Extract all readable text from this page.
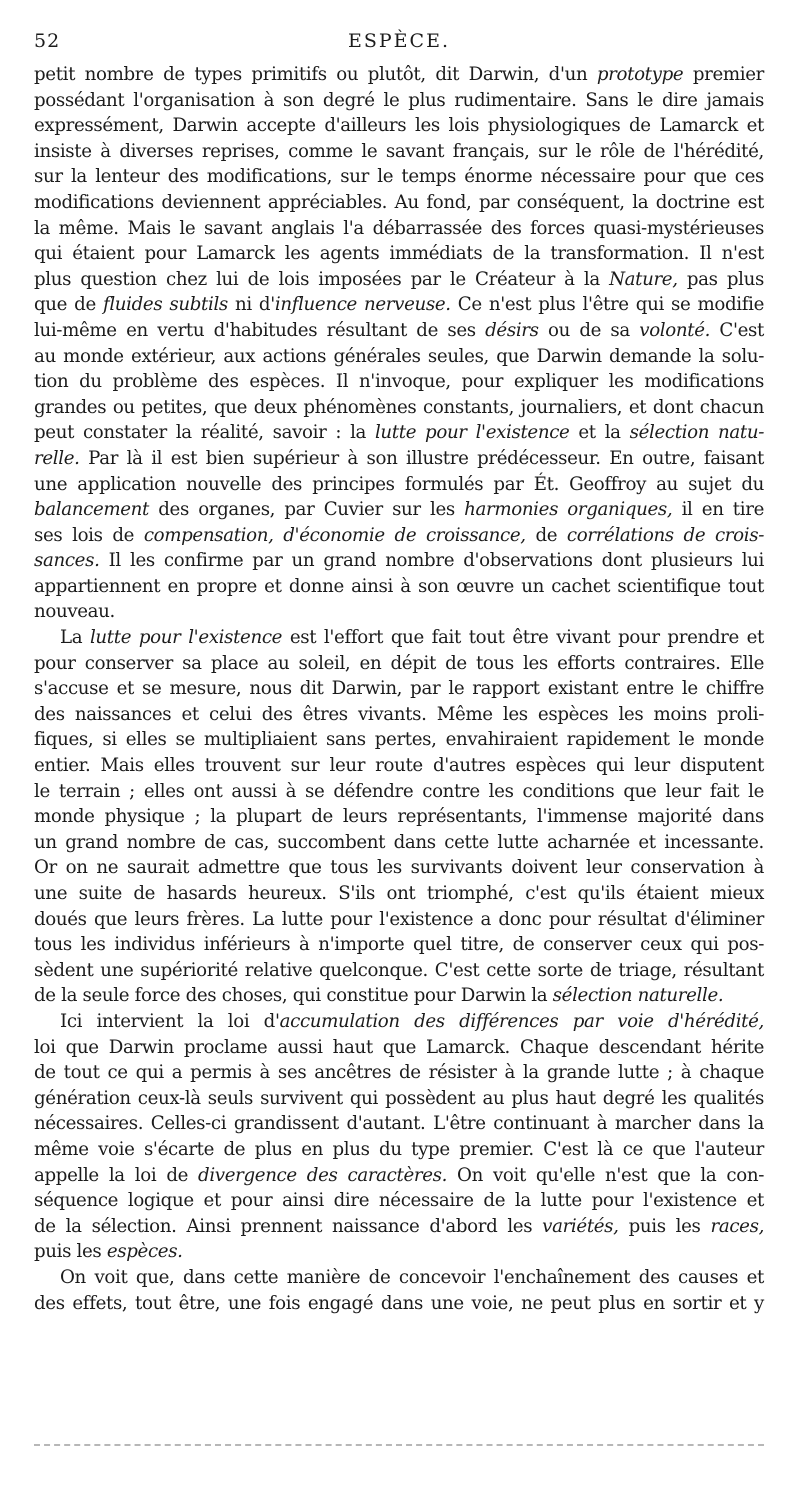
52	ESPÈCE.
petit nombre de types primitifs ou plutôt, dit Darwin, d'un prototype premier
possédant l'organisation à son degré le plus rudimentaire. Sans le dire jamais
expressément, Darwin accepte d'ailleurs les lois physiologiques de Lamarck et
insiste à diverses reprises, comme le savant français, sur le rôle de l'hérédité,
sur la lenteur des modifications, sur le temps énorme nécessaire pour que ces
modifications deviennent appréciables. Au fond, par conséquent, la doctrine est
la même. Mais le savant anglais l'a débarrassée des forces quasi-mystérieuses
qui étaient pour Lamarck les agents immédiats de la transformation. Il n'est
plus question chez lui de lois imposées par le Créateur à la Nature, pas plus
que de fluides subtils ni d'influence nerveuse. Ce n'est plus l'être qui se modifie
lui-même en vertu d'habitudes résultant de ses désirs ou de sa volonté. C'est
au monde extérieur, aux actions générales seules, que Darwin demande la solu-
tion du problème des espèces. Il n'invoque, pour expliquer les modifications
grandes ou petites, que deux phénomènes constants, journaliers, et dont chacun
peut constater la réalité, savoir : la lutte pour l'existence et la sélection natu-
relle. Par là il est bien supérieur à son illustre prédécesseur. En outre, faisant
une application nouvelle des principes formulés par Ét. Geoffroy au sujet du
balancement des organes, par Cuvier sur les harmonies organiques, il en tire
ses lois de compensation, d'économie de croissance, de corrélations de crois-
sances. Il les confirme par un grand nombre d'observations dont plusieurs lui
appartiennent en propre et donne ainsi à son œuvre un cachet scientifique tout
nouveau.
La lutte pour l'existence est l'effort que fait tout être vivant pour prendre et
pour conserver sa place au soleil, en dépit de tous les efforts contraires. Elle
s'accuse et se mesure, nous dit Darwin, par le rapport existant entre le chiffre
des naissances et celui des êtres vivants. Même les espèces les moins proli-
fiques, si elles se multipliaient sans pertes, envahiraient rapidement le monde
entier. Mais elles trouvent sur leur route d'autres espèces qui leur disputent
le terrain ; elles ont aussi à se défendre contre les conditions que leur fait le
monde physique ; la plupart de leurs représentants, l'immense majorité dans
un grand nombre de cas, succombent dans cette lutte acharnée et incessante.
Or on ne saurait admettre que tous les survivants doivent leur conservation à
une suite de hasards heureux. S'ils ont triomphé, c'est qu'ils étaient mieux
doués que leurs frères. La lutte pour l'existence a donc pour résultat d'éliminer
tous les individus inférieurs à n'importe quel titre, de conserver ceux qui pos-
sèdent une supériorité relative quelconque. C'est cette sorte de triage, résultant
de la seule force des choses, qui constitue pour Darwin la sélection naturelle.
Ici intervient la loi d'accumulation des différences par voie d'hérédité,
loi que Darwin proclame aussi haut que Lamarck. Chaque descendant hérite
de tout ce qui a permis à ses ancêtres de résister à la grande lutte ; à chaque
génération ceux-là seuls survivent qui possèdent au plus haut degré les qualités
nécessaires. Celles-ci grandissent d'autant. L'être continuant à marcher dans la
même voie s'écarte de plus en plus du type premier. C'est là ce que l'auteur
appelle la loi de divergence des caractères. On voit qu'elle n'est que la con-
séquence logique et pour ainsi dire nécessaire de la lutte pour l'existence et
de la sélection. Ainsi prennent naissance d'abord les variétés, puis les races,
puis les espèces.
On voit que, dans cette manière de concevoir l'enchaînement des causes et
des effets, tout être, une fois engagé dans une voie, ne peut plus en sortir et y
